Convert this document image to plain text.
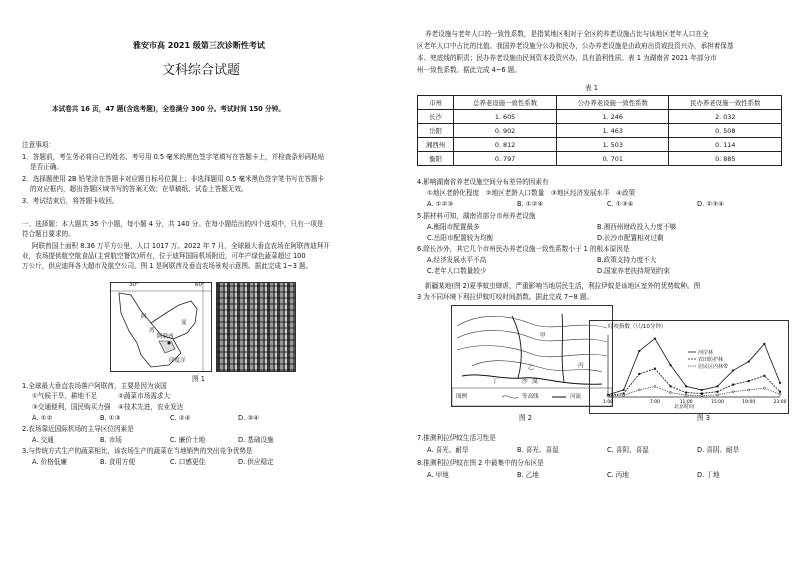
雅安市高 2021 级第三次诊断性考试
文科综合试题
本试卷共 16 页，47 题(含选考题)，全卷满分 300 分。考试时间 150 分钟。
注意事项：
1．答题前，考生务必将自己的姓名、考号用 0.5 毫米的黑色签字笔填写在答题卡上，并检查条形码粘贴
是否正确。
2．选择题使用 2B 铅笔涂在答题卡对应题目标号位置上；非选择题用 0.5 毫米黑色签字笔书写在答题卡
的对应框内，超出答题区域书写的答案无效；在草稿纸、试卷上答题无效。
3．考试结束后，将答题卡收回。
一、选择题：本大题共 35 个小题，每小题 4 分，共 140 分。在每小题给出的四个选项中，只有一项是
符合题目要求的。
阿联酋国土面积 8.36 万平方公里，人口 1017 万。2022 年 7 月，全球最大垂直农场在阿联酋迪拜开
业，农场提供航空航食品(主营航空餐饮)所有，位于迪拜国际机场附近，可年产绿色蔬菜超过 100
万公斤，供应迪拜各大超市及航空公司。图 1 是阿联酋及垂直农场景观示意图。据此完成 1~3 题。
30°	60°
阿
曼
湾
阿联酋
印度洋
图 1
1.全球最大垂直农场落户阿联酋，主要是因为该国
①气候干旱，耕地不足	②蔬菜市场需求大
③交通便利，国民购买力强 ④技术先进，农业发达
A. ①②	B. ①③	C. ②④	D. ③④
2.农场靠近国际机场的主导区位因素是
A. 交通	B. 市场	C. 廉价土地	D. 基础设施
3.与传统方式生产的蔬菜相比，该农场生产的蔬菜在当地销售的突出竞争优势是
A. 价格低廉	B. 食用方便	C. 口感更佳	D. 供应稳定
养老设施与老年人口的一致性系数，是指某地区相对于全区的养老设施占比与该地区老年人口在全
区老年人口中占比的比值。我国养老设施分公办和民办，公办养老设施是由政府出资或投资兴办，承担着保基
本、兜底线的职责；民办养老设施由民间资本投资兴办，具有盈利性质。表 1 为湖南省 2021 年部分市
州一致性系数。据此完成 4~6 题。
表 1
市州	总养老设施一致性系数	公办养老设施一致性系数	民办养老设施一致性系数
长沙	1. 605	1. 246	2. 032
岳阳	0. 902	1. 463	0. 508
湘西州	0. 812	1. 503	0. 114
衡阳	0. 797	0. 701	0. 885
4.影响湖南省养老设施空间分布差异的因素有
①地区老龄化程度　②地区老龄人口数量　③地区经济发展水平　④政策
A. ①②③	B. ①②④	C. ①③④	D. ②③④
5.据材料可知，湖南省部分市州养老设施
A.衡阳市配置最多	B.湘西州财政投入力度不够
C.岳阳市配置较为均衡	D.长沙市配置相对过剩
6.除长沙外，其它几个市州民办养老设施一致性系数小于 1 的根本原因是
A.经济发展水平不高	B.政策支持力度不大
C.老年人口数量较少	D.国家养老扶持规划约束
新疆某地(图 2)夏季蚊虫肆虐，严重影响当地居民生活，利拉伊蚊是该地区室外的优势蚊种。图
3 为不同环境下利拉伊蚊叮咬时间指数。据此完成 7~8 题。
甲
乙	丙
丁	沙 漠
图例	等高线	河流
图 2
1:00	7:00	11:00	15:00	19:00	23:00
叮咬指数（只/10分钟）
河岸林
农田防护林
居民区内林带
北京时间
图 3
7.推测利拉伊蚊生活习性是
A. 喜光、耐旱	B. 喜光、喜湿	C. 喜阴、喜湿	D. 喜阴、耐旱
8.推测利拉伊蚊在图 2 中最集中的分布区是
A. 甲地	B. 乙地	C. 丙地	D. 丁地
